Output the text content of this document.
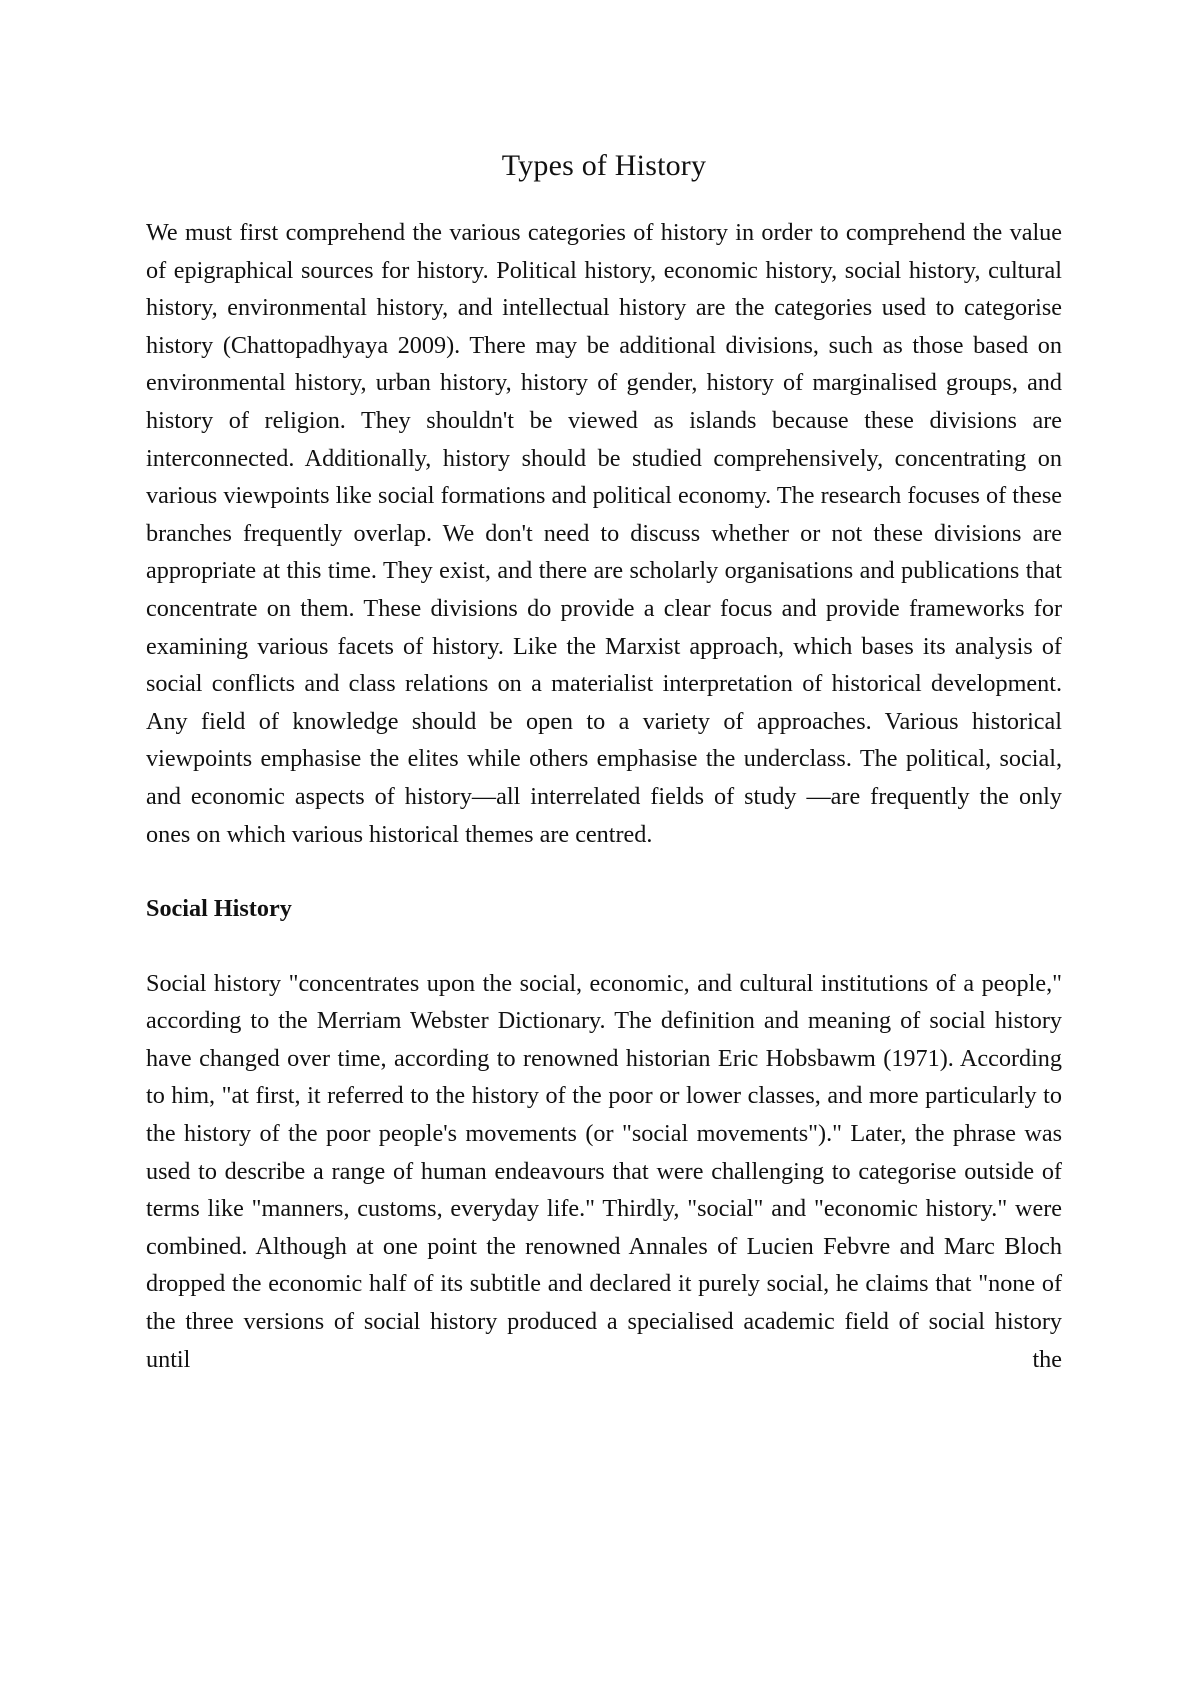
Types of History

We must first comprehend the various categories of history in order to comprehend the value of epigraphical sources for history. Political history, economic history, social history, cultural history, environmental history, and intellectual history are the categories used to categorise history (Chattopadhyaya 2009). There may be additional divisions, such as those based on environmental history, urban history, history of gender, history of marginalised groups, and history of religion. They shouldn't be viewed as islands because these divisions are interconnected. Additionally, history should be studied comprehensively, concentrating on various viewpoints like social formations and political economy. The research focuses of these branches frequently overlap. We don't need to discuss whether or not these divisions are appropriate at this time. They exist, and there are scholarly organisations and publications that concentrate on them. These divisions do provide a clear focus and provide frameworks for examining various facets of history. Like the Marxist approach, which bases its analysis of social conflicts and class relations on a materialist interpretation of historical development. Any field of knowledge should be open to a variety of approaches. Various historical viewpoints emphasise the elites while others emphasise the underclass. The political, social, and economic aspects of history—all interrelated fields of study —are frequently the only ones on which various historical themes are centred.

Social History

Social history "concentrates upon the social, economic, and cultural institutions of a people," according to the Merriam Webster Dictionary. The definition and meaning of social history have changed over time, according to renowned historian Eric Hobsbawm (1971). According to him, "at first, it referred to the history of the poor or lower classes, and more particularly to the history of the poor people's movements (or "social movements")." Later, the phrase was used to describe a range of human endeavours that were challenging to categorise outside of terms like "manners, customs, everyday life." Thirdly, "social" and "economic history." were combined. Although at one point the renowned Annales of Lucien Febvre and Marc Bloch dropped the economic half of its subtitle and declared it purely social, he claims that "none of the three versions of social history produced a specialised academic field of social history until the
